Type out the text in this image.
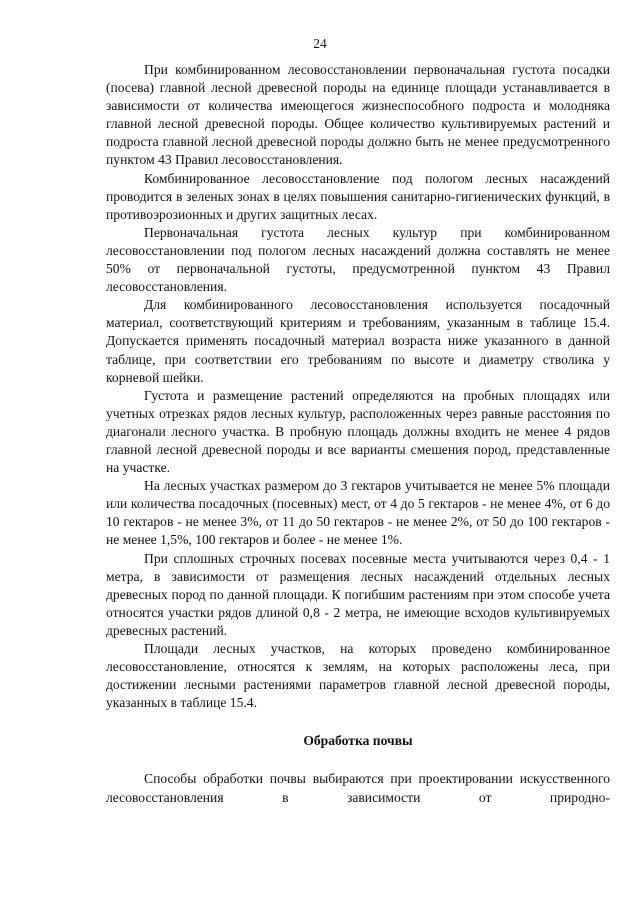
24

При комбинированном лесовосстановлении первоначальная густота посадки (посева) главной лесной древесной породы на единице площади устанавливается в зависимости от количества имеющегося жизнеспособного подроста и молодняка главной лесной древесной породы. Общее количество культивируемых растений и подроста главной лесной древесной породы должно быть не менее предусмотренного пунктом 43 Правил лесовосстановления.

Комбинированное лесовосстановление под пологом лесных насаждений проводится в зеленых зонах в целях повышения санитарно-гигиенических функций, в противоэрозионных и других защитных лесах.

Первоначальная густота лесных культур при комбинированном лесовосстановлении под пологом лесных насаждений должна составлять не менее 50% от первоначальной густоты, предусмотренной пунктом 43 Правил лесовосстановления.

Для комбинированного лесовосстановления используется посадочный материал, соответствующий критериям и требованиям, указанным в таблице 15.4. Допускается применять посадочный материал возраста ниже указанного в данной таблице, при соответствии его требованиям по высоте и диаметру стволика у корневой шейки.

Густота и размещение растений определяются на пробных площадях или учетных отрезках рядов лесных культур, расположенных через равные расстояния по диагонали лесного участка. В пробную площадь должны входить не менее 4 рядов главной лесной древесной породы и все варианты смешения пород, представленные на участке.

На лесных участках размером до 3 гектаров учитывается не менее 5% площади или количества посадочных (посевных) мест, от 4 до 5 гектаров - не менее 4%, от 6 до 10 гектаров - не менее 3%, от 11 до 50 гектаров - не менее 2%, от 50 до 100 гектаров - не менее 1,5%, 100 гектаров и более - не менее 1%.

При сплошных строчных посевах посевные места учитываются через 0,4 - 1 метра, в зависимости от размещения лесных насаждений отдельных лесных древесных пород по данной площади. К погибшим растениям при этом способе учета относятся участки рядов длиной 0,8 - 2 метра, не имеющие всходов культивируемых древесных растений.

Площади лесных участков, на которых проведено комбинированное лесовосстановление, относятся к землям, на которых расположены леса, при достижении лесными растениями параметров главной лесной древесной породы, указанных в таблице 15.4.

Обработка почвы

Способы обработки почвы выбираются при проектировании искусственного лесовосстановления в зависимости от природно-
